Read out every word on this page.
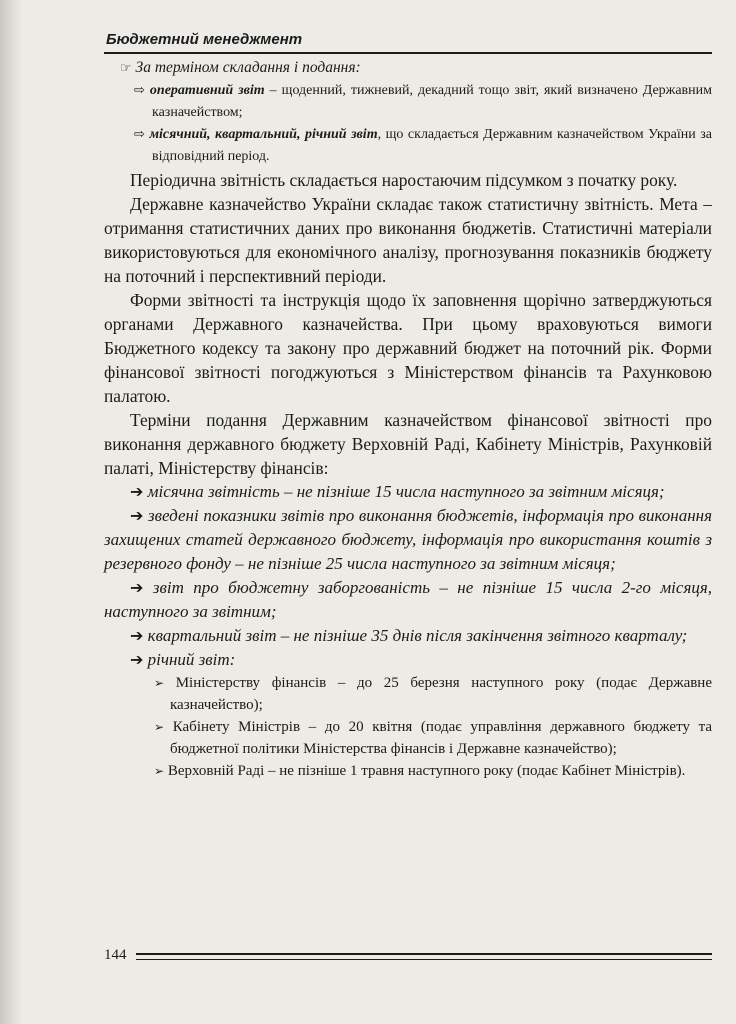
Бюджетний менеджмент
☞ За терміном складання і подання:
⇨ оперативний звіт – щоденний, тижневий, декадний тощо звіт, який визначено Державним казначейством;
⇨ місячний, квартальний, річний звіт, що складається Державним казначейством України за відповідний період.

Періодична звітність складається наростаючим підсумком з початку року.

Державне казначейство України складає також статистичну звітність. Мета – отримання статистичних даних про виконання бюджетів. Статистичні матеріали використовуються для економічного аналізу, прогнозування показників бюджету на поточний і перспективний періоди.

Форми звітності та інструкція щодо їх заповнення щорічно затверджуються органами Державного казначейства. При цьому враховуються вимоги Бюджетного кодексу та закону про державний бюджет на поточний рік. Форми фінансової звітності погоджуються з Міністерством фінансів та Рахунковою палатою.

Терміни подання Державним казначейством фінансової звітності про виконання державного бюджету Верховній Раді, Кабінету Міністрів, Рахунковій палаті, Міністерству фінансів:

➔ місячна звітність – не пізніше 15 числа наступного за звітним місяця;
➔ зведені показники звітів про виконання бюджетів, інформація про виконання захищених статей державного бюджету, інформація про використання коштів з резервного фонду – не пізніше 25 числа наступного за звітним місяця;
➔ звіт про бюджетну заборгованість – не пізніше 15 числа 2-го місяця, наступного за звітним;
➔ квартальний звіт – не пізніше 35 днів після закінчення звітного кварталу;
➔ річний звіт:
➢ Міністерству фінансів – до 25 березня наступного року (подає Державне казначейство);
➢ Кабінету Міністрів – до 20 квітня (подає управління державного бюджету та бюджетної політики Міністерства фінансів і Державне казначейство);
➢ Верховній Раді – не пізніше 1 травня наступного року (подає Кабінет Міністрів).
144
